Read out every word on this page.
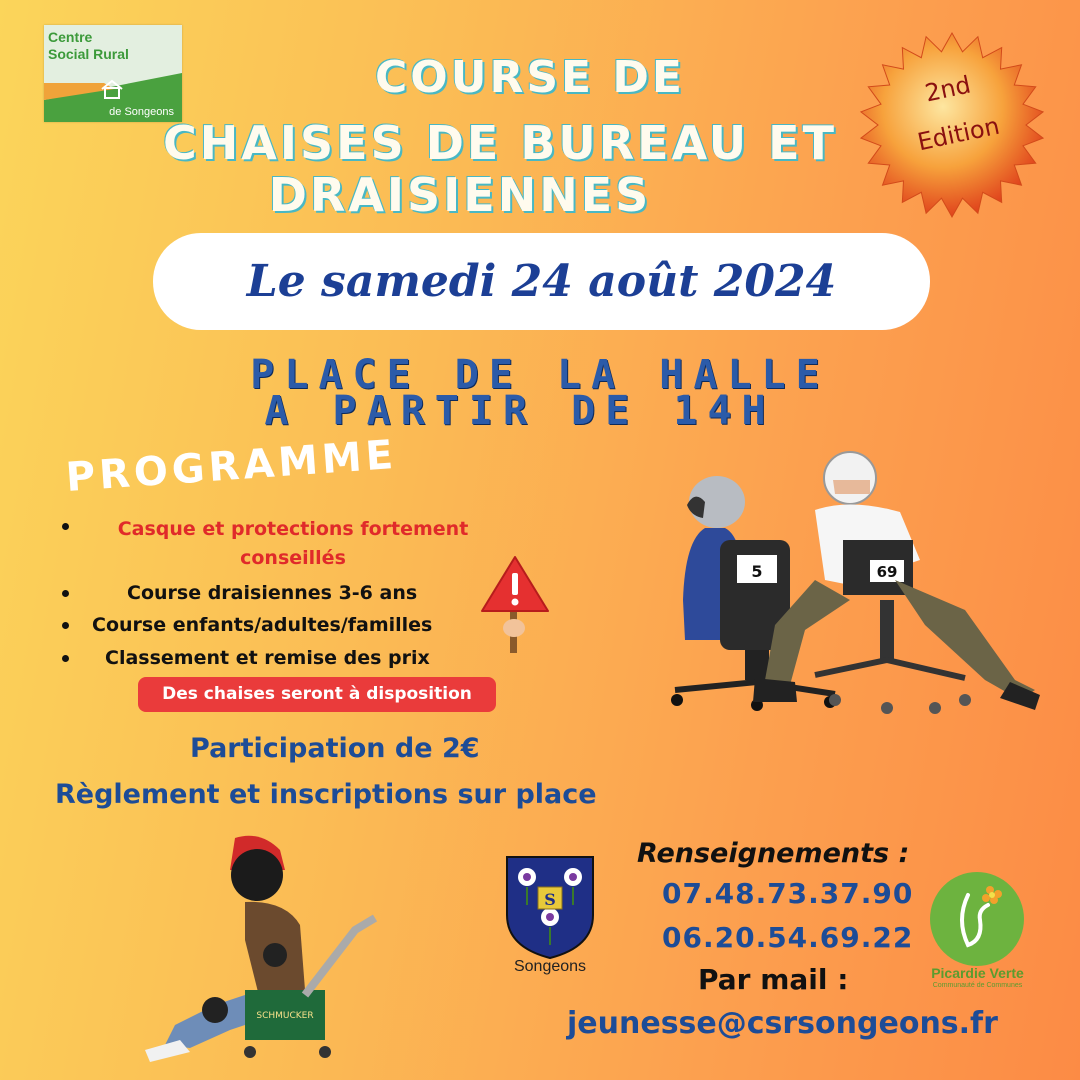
Centre
Social Rural
de Songeons
COURSE DE
CHAISES DE BUREAU ET
DRAISIENNES
2nd
Edition
Le samedi 24 août 2024
PLACE DE LA HALLE
A PARTIR DE 14H
PROGRAMME
Casque et protections fortement conseillés
Course draisiennes 3-6 ans
Course enfants/adultes/familles
Classement et remise des prix
Des chaises seront à disposition
Participation de 2€
Règlement et inscriptions sur place
5	69
SCHMUCKER
S
Songeons
Renseignements :
07.48.73.37.90
06.20.54.69.22
Par mail :
jeunesse@csrsongeons.fr
Picardie Verte
Communauté de Communes
